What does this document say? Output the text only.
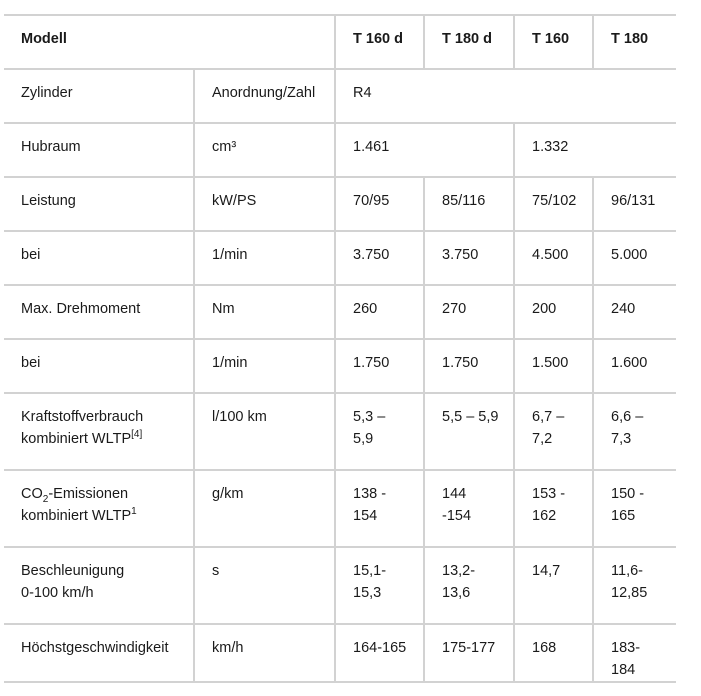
Modell		T 160 d	T 180 d	T 160	T 180
Zylinder	Anordnung/Zahl	R4			
Hubraum	cm³	1.461		1.332	
Leistung	kW/PS	70/95	85/116	75/102	96/131
bei	1/min	3.750	3.750	4.500	5.000
Max. Drehmoment	Nm	260	270	200	240
bei	1/min	1.750	1.750	1.500	1.600
Kraftstoffverbrauch
kombiniert WLTP[4]	l/100 km	5,3 – 5,9	5,5 – 5,9	6,7 – 7,2	6,6 – 7,3
$CO_2$-Emissionen
kombiniert WLTP$^1$	g/km	138 - 154	144 -154	153 - 162	150 - 165
Beschleunigung
0-100 km/h	s	15,1-15,3	13,2-13,6	14,7	11,6-12,85
Höchstgeschwindigkeit	km/h	164-165	175-177	168	183-184
